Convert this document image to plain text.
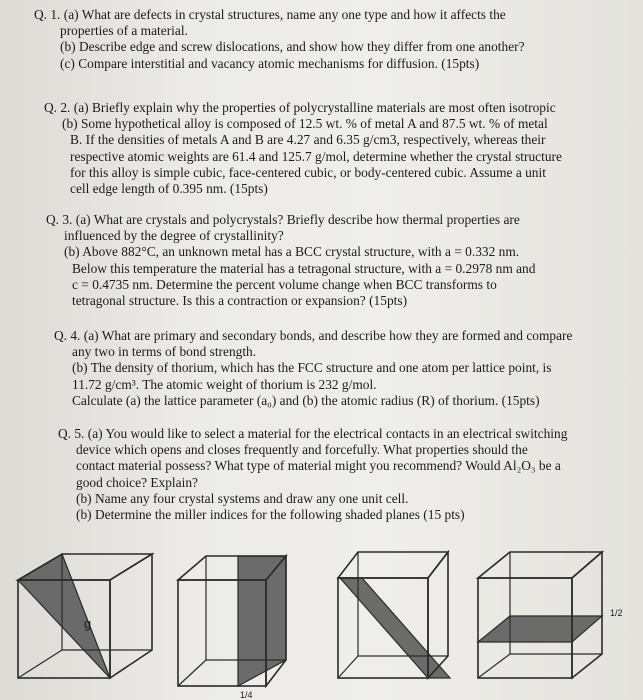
Q. 1. (a) What are defects in crystal structures, name any one type and how it affects the

properties of a material.

(b) Describe edge and screw dislocations, and show how they differ from one another?

(c) Compare interstitial and vacancy atomic mechanisms for diffusion. (15pts)

Q. 2. (a) Briefly explain why the properties of polycrystalline materials are most often isotropic

(b) Some hypothetical alloy is composed of 12.5 wt. % of metal A and 87.5 wt. % of metal

B. If the densities of metals A and B are 4.27 and 6.35 g/cm3, respectively, whereas their

respective atomic weights are 61.4 and 125.7 g/mol, determine whether the crystal structure

for this alloy is simple cubic, face-centered cubic, or body-centered cubic. Assume a unit

cell edge length of 0.395 nm. (15pts)

Q. 3. (a) What are crystals and polycrystals? Briefly describe how thermal properties are

influenced by the degree of crystallinity?

(b) Above 882°C, an unknown metal has a BCC crystal structure, with a = 0.332 nm.

Below this temperature the material has a tetragonal structure, with a = 0.2978 nm and

c = 0.4735 nm. Determine the percent volume change when BCC transforms to

tetragonal structure. Is this a contraction or expansion? (15pts)

Q. 4. (a) What are primary and secondary bonds, and describe how they are formed and compare

any two in terms of bond strength.

(b) The density of thorium, which has the FCC structure and one atom per lattice point, is

11.72 g/cm³. The atomic weight of thorium is 232 g/mol.

Calculate (a) the lattice parameter (a₀) and (b) the atomic radius (R) of thorium. (15pts)

Q. 5. (a) You would like to select a material for the electrical contacts in an electrical switching

device which opens and closes frequently and forcefully. What properties should the

contact material possess? What type of material might you recommend? Would Al₂O₃ be a

good choice? Explain?

(b) Name any four crystal systems and draw any one unit cell.

(b) Determine the miller indices for the following shaded planes (15 pts)

g
1/4
1/2
